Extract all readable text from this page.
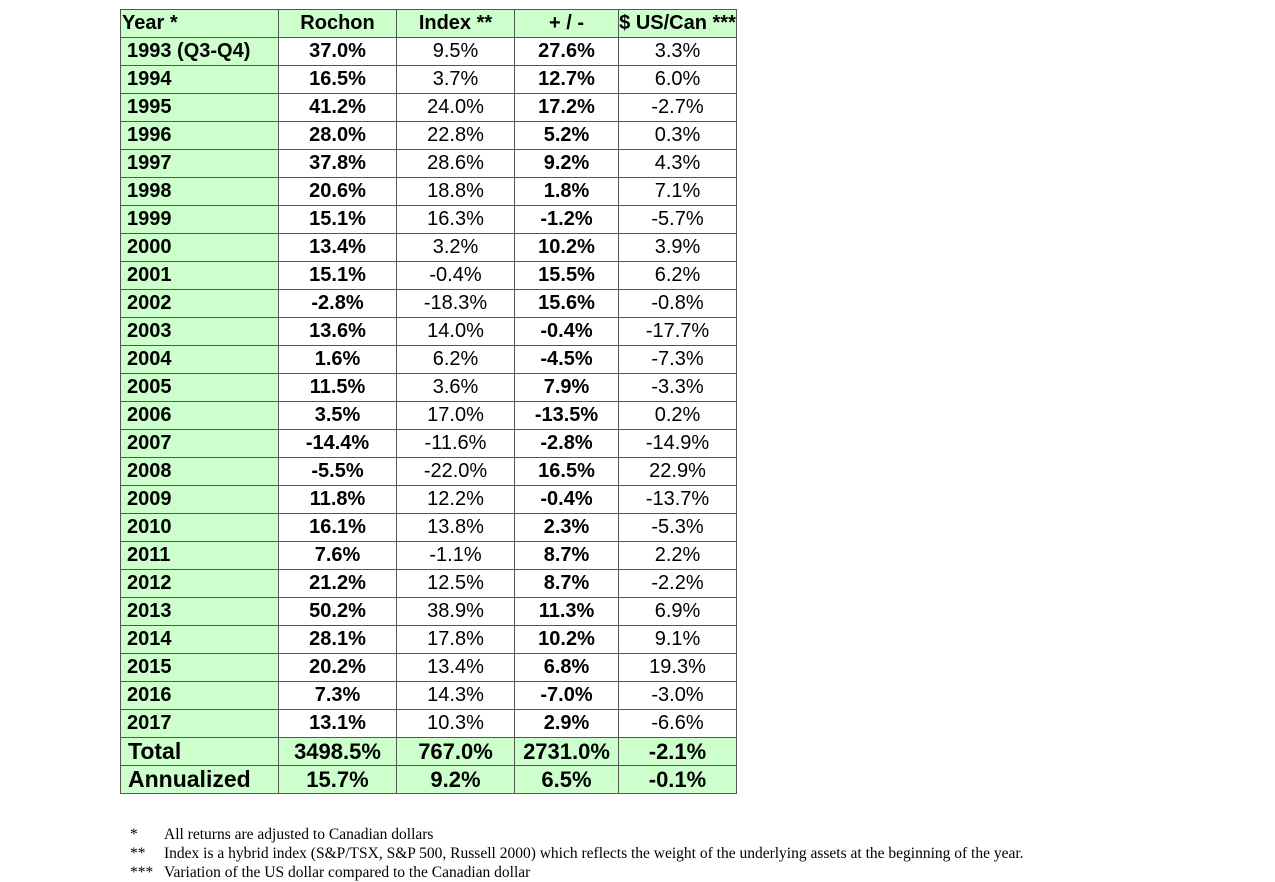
Year *	Rochon	Index **	+ / -	$ US/Can ***
1993 (Q3-Q4)	37.0%	9.5%	27.6%	3.3%
1994	16.5%	3.7%	12.7%	6.0%
1995	41.2%	24.0%	17.2%	-2.7%
1996	28.0%	22.8%	5.2%	0.3%
1997	37.8%	28.6%	9.2%	4.3%
1998	20.6%	18.8%	1.8%	7.1%
1999	15.1%	16.3%	-1.2%	-5.7%
2000	13.4%	3.2%	10.2%	3.9%
2001	15.1%	-0.4%	15.5%	6.2%
2002	-2.8%	-18.3%	15.6%	-0.8%
2003	13.6%	14.0%	-0.4%	-17.7%
2004	1.6%	6.2%	-4.5%	-7.3%
2005	11.5%	3.6%	7.9%	-3.3%
2006	3.5%	17.0%	-13.5%	0.2%
2007	-14.4%	-11.6%	-2.8%	-14.9%
2008	-5.5%	-22.0%	16.5%	22.9%
2009	11.8%	12.2%	-0.4%	-13.7%
2010	16.1%	13.8%	2.3%	-5.3%
2011	7.6%	-1.1%	8.7%	2.2%
2012	21.2%	12.5%	8.7%	-2.2%
2013	50.2%	38.9%	11.3%	6.9%
2014	28.1%	17.8%	10.2%	9.1%
2015	20.2%	13.4%	6.8%	19.3%
2016	7.3%	14.3%	-7.0%	-3.0%
2017	13.1%	10.3%	2.9%	-6.6%
Total	3498.5%	767.0%	2731.0%	-2.1%
Annualized	15.7%	9.2%	6.5%	-0.1%
*	All returns are adjusted to Canadian dollars
**	Index is a hybrid index (S&P/TSX, S&P 500, Russell 2000) which reflects the weight of the underlying assets at the beginning of the year.
*** Variation of the US dollar compared to the Canadian dollar
